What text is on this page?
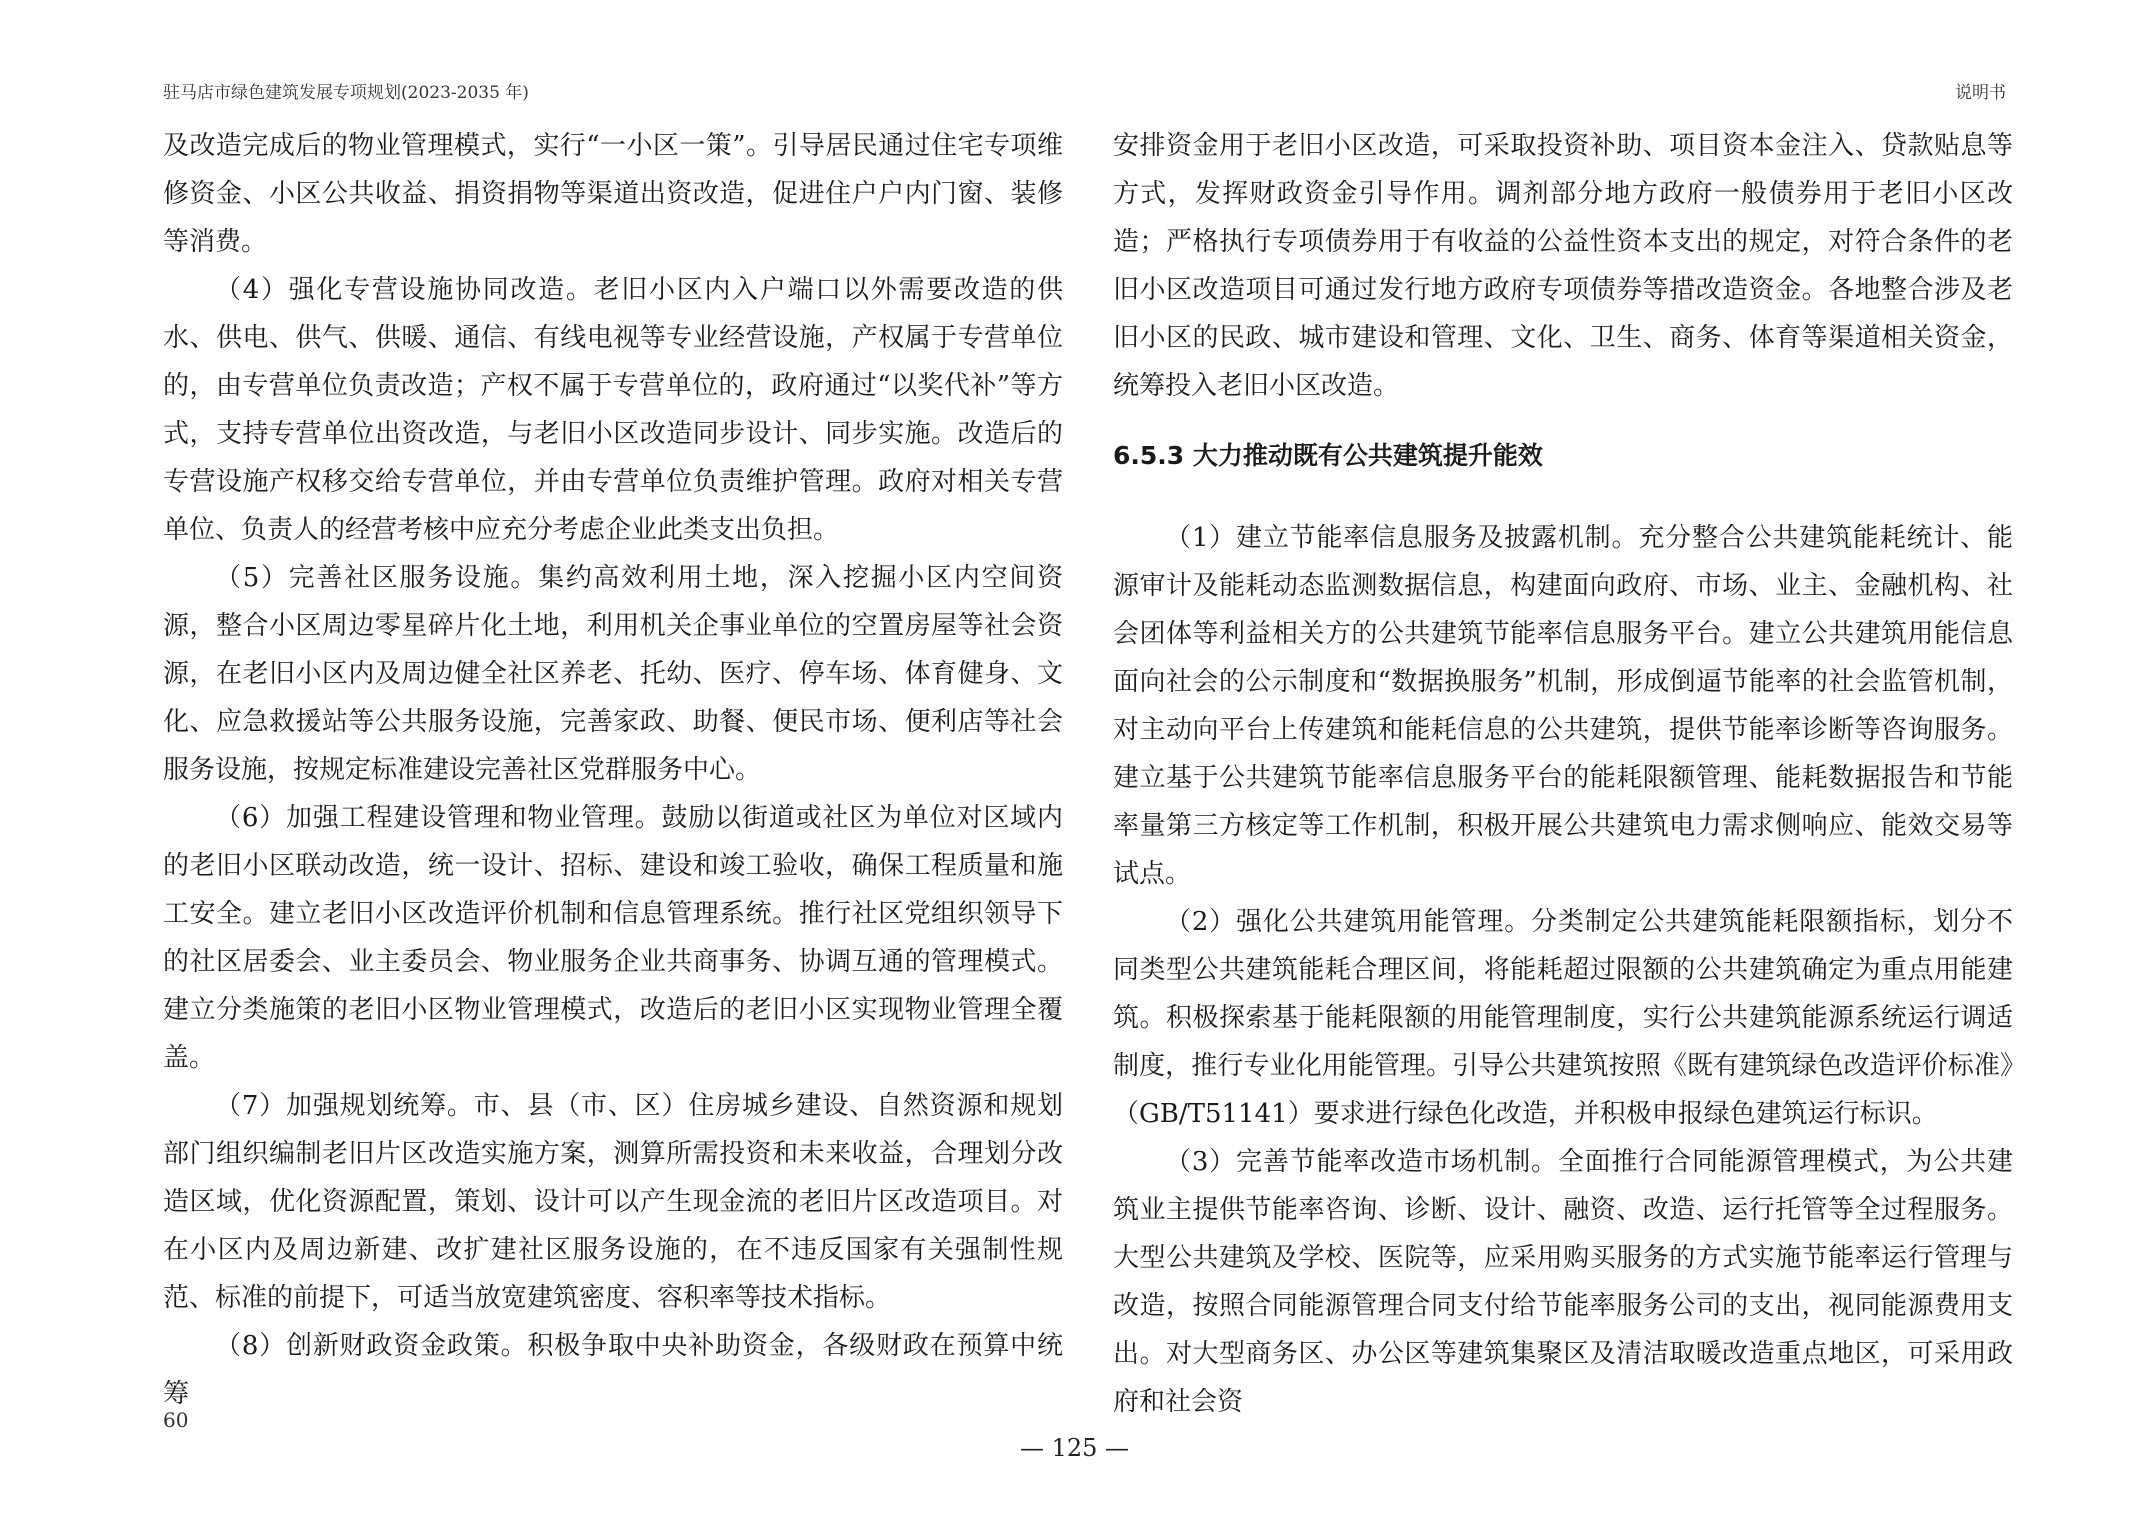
驻马店市绿色建筑发展专项规划(2023-2035 年)	说明书

及改造完成后的物业管理模式，实行“一小区一策”。引导居民通过住宅专项维修资金、小区公共收益、捐资捐物等渠道出资改造，促进住户户内门窗、装修等消费。

（4）强化专营设施协同改造。老旧小区内入户端口以外需要改造的供水、供电、供气、供暖、通信、有线电视等专业经营设施，产权属于专营单位的，由专营单位负责改造；产权不属于专营单位的，政府通过“以奖代补”等方式，支持专营单位出资改造，与老旧小区改造同步设计、同步实施。改造后的专营设施产权移交给专营单位，并由专营单位负责维护管理。政府对相关专营单位、负责人的经营考核中应充分考虑企业此类支出负担。

（5）完善社区服务设施。集约高效利用土地，深入挖掘小区内空间资源，整合小区周边零星碎片化土地，利用机关企事业单位的空置房屋等社会资源，在老旧小区内及周边健全社区养老、托幼、医疗、停车场、体育健身、文化、应急救援站等公共服务设施，完善家政、助餐、便民市场、便利店等社会服务设施，按规定标准建设完善社区党群服务中心。

（6）加强工程建设管理和物业管理。鼓励以街道或社区为单位对区域内的老旧小区联动改造，统一设计、招标、建设和竣工验收，确保工程质量和施工安全。建立老旧小区改造评价机制和信息管理系统。推行社区党组织领导下的社区居委会、业主委员会、物业服务企业共商事务、协调互通的管理模式。建立分类施策的老旧小区物业管理模式，改造后的老旧小区实现物业管理全覆盖。

（7）加强规划统筹。市、县（市、区）住房城乡建设、自然资源和规划部门组织编制老旧片区改造实施方案，测算所需投资和未来收益，合理划分改造区域，优化资源配置，策划、设计可以产生现金流的老旧片区改造项目。对在小区内及周边新建、改扩建社区服务设施的，在不违反国家有关强制性规范、标准的前提下，可适当放宽建筑密度、容积率等技术指标。

（8）创新财政资金政策。积极争取中央补助资金，各级财政在预算中统筹

安排资金用于老旧小区改造，可采取投资补助、项目资本金注入、贷款贴息等方式，发挥财政资金引导作用。调剂部分地方政府一般债券用于老旧小区改造；严格执行专项债券用于有收益的公益性资本支出的规定，对符合条件的老旧小区改造项目可通过发行地方政府专项债券等措改造资金。各地整合涉及老旧小区的民政、城市建设和管理、文化、卫生、商务、体育等渠道相关资金，统筹投入老旧小区改造。

6.5.3 大力推动既有公共建筑提升能效

（1）建立节能率信息服务及披露机制。充分整合公共建筑能耗统计、能源审计及能耗动态监测数据信息，构建面向政府、市场、业主、金融机构、社会团体等利益相关方的公共建筑节能率信息服务平台。建立公共建筑用能信息面向社会的公示制度和“数据换服务”机制，形成倒逼节能率的社会监管机制，对主动向平台上传建筑和能耗信息的公共建筑，提供节能率诊断等咨询服务。建立基于公共建筑节能率信息服务平台的能耗限额管理、能耗数据报告和节能率量第三方核定等工作机制，积极开展公共建筑电力需求侧响应、能效交易等试点。

（2）强化公共建筑用能管理。分类制定公共建筑能耗限额指标，划分不同类型公共建筑能耗合理区间，将能耗超过限额的公共建筑确定为重点用能建筑。积极探索基于能耗限额的用能管理制度，实行公共建筑能源系统运行调适制度，推行专业化用能管理。引导公共建筑按照《既有建筑绿色改造评价标准》（GB/T51141）要求进行绿色化改造，并积极申报绿色建筑运行标识。

（3）完善节能率改造市场机制。全面推行合同能源管理模式，为公共建筑业主提供节能率咨询、诊断、设计、融资、改造、运行托管等全过程服务。大型公共建筑及学校、医院等，应采用购买服务的方式实施节能率运行管理与改造，按照合同能源管理合同支付给节能率服务公司的支出，视同能源费用支出。对大型商务区、办公区等建筑集聚区及清洁取暖改造重点地区，可采用政府和社会资

60
— 125 —
